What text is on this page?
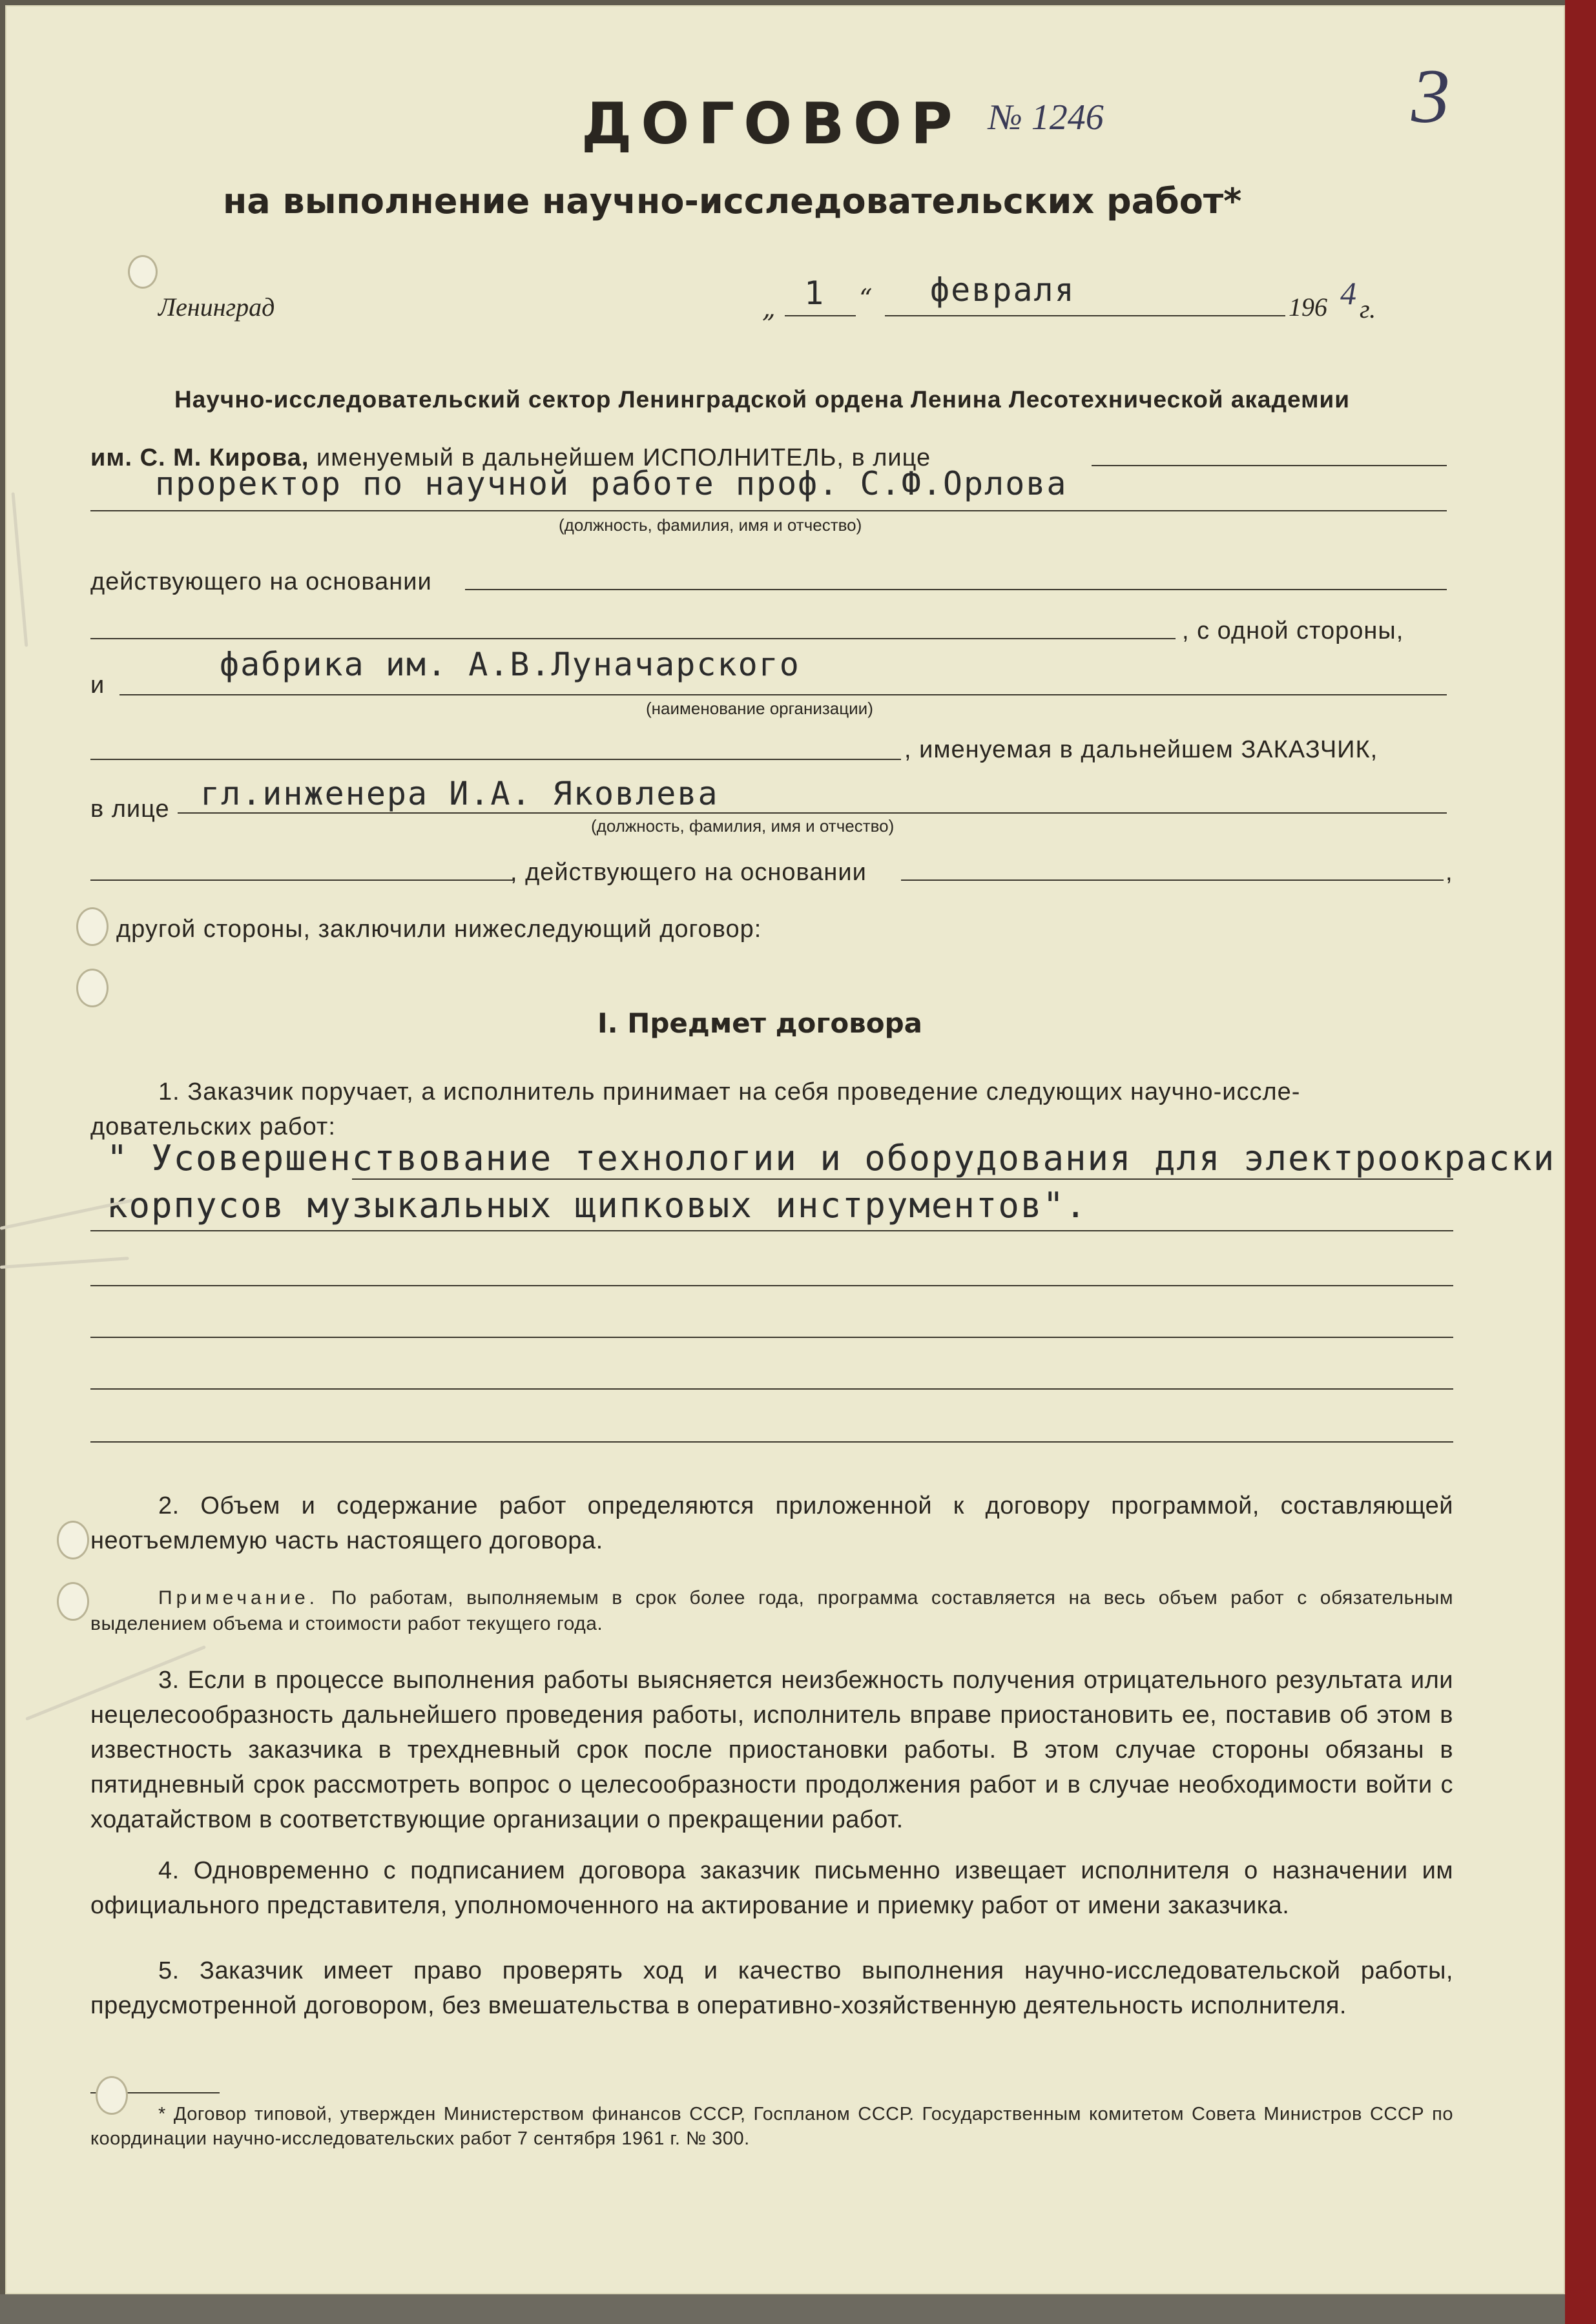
ДОГОВОР № 1246	3
на выполнение научно-исследовательских работ*
Ленинград	„ 1 “ февраля	196 4 г.
Научно-исследовательский сектор Ленинградской ордена Ленина Лесотехнической академии
им. С. М. Кирова, именуемый в дальнейшем ИСПОЛНИТЕЛЬ, в лице
проректор по научной работе проф. С.Ф.Орлова
(должность, фамилия, имя и отчество)
действующего на основании
, с одной стороны,
и
фабрика им. А.В.Луначарского
(наименование организации)
, именуемая в дальнейшем ЗАКАЗЧИК,
в лице гл.инженера И.А. Яковлева
(должность, фамилия, имя и отчество)
, действующего на основании	,
другой стороны, заключили нижеследующий договор:
I. Предмет договора
1. Заказчик поручает, а исполнитель принимает на себя проведение следующих научно-иссле-
довательских работ:
" Усовершенствование технологии и оборудования для электроокраски
корпусов музыкальных щипковых инструментов".
2. Объем и содержание работ определяются приложенной к договору программой, составляющей неотъемлемую часть настоящего договора.
Примечание. По работам, выполняемым в срок более года, программа составляется на весь объем работ с обязательным выделением объема и стоимости работ текущего года.
3. Если в процессе выполнения работы выясняется неизбежность получения отрицательного результата или нецелесообразность дальнейшего проведения работы, исполнитель вправе приостановить ее, поставив об этом в известность заказчика в трехдневный срок после приостановки работы. В этом случае стороны обязаны в пятидневный срок рассмотреть вопрос о целесообразности продолжения работ и в случае необходимости войти с ходатайством в соответствующие организации о прекращении работ.
4. Одновременно с подписанием договора заказчик письменно извещает исполнителя о назначении им официального представителя, уполномоченного на актирование и приемку работ от имени заказчика.
5. Заказчик имеет право проверять ход и качество выполнения научно-исследовательской работы, предусмотренной договором, без вмешательства в оперативно-хозяйственную деятельность исполнителя.
* Договор типовой, утвержден Министерством финансов СССР, Госпланом СССР. Государственным комитетом Совета Министров СССР по координации научно-исследовательских работ 7 сентября 1961 г. № 300.
